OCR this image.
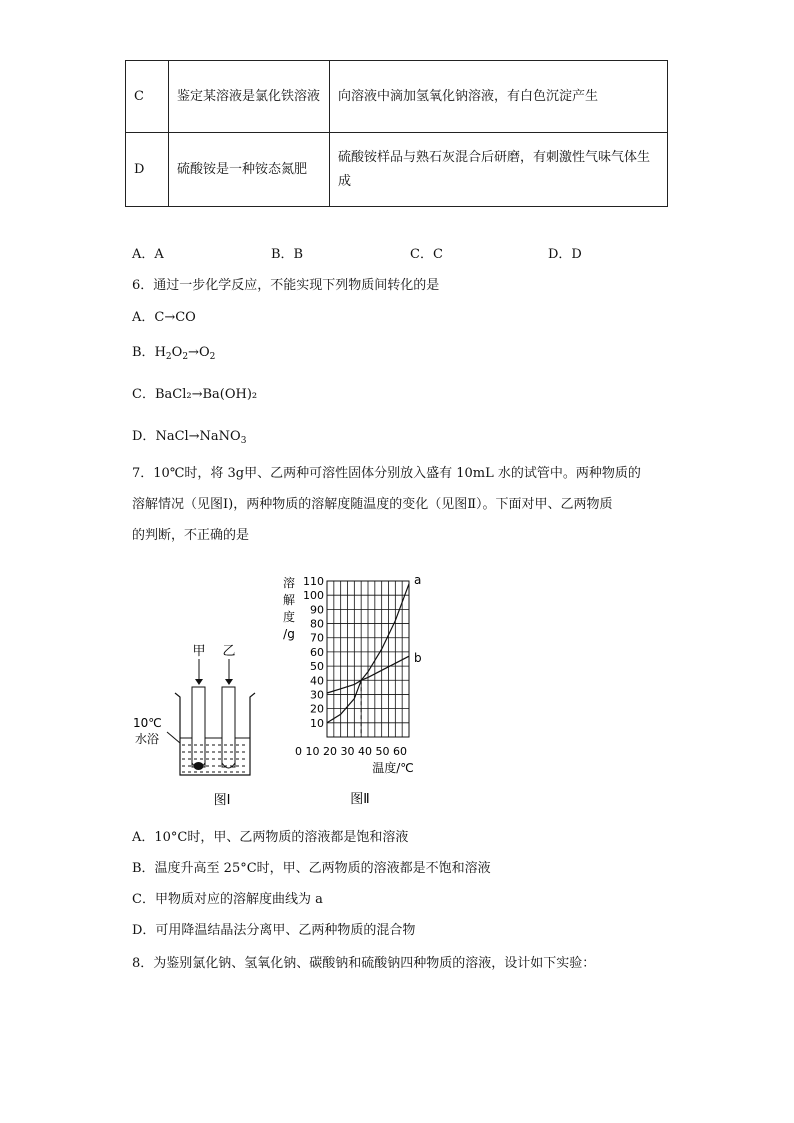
C	鉴定某溶液是氯化铁溶液	向溶液中滴加氢氧化钠溶液，有白色沉淀产生
D	硫酸铵是一种铵态氮肥	硫酸铵样品与熟石灰混合后研磨，有刺激性气味气体生成
A．A	B．B	C．C	D．D
6．通过一步化学反应，不能实现下列物质间转化的是
A．C→CO
B．$H_2O_2\to O_2$
C．BaCl₂→Ba(OH)₂
D．NaCl→NaNO$_3$
7．10℃时，将 3g甲、乙两种可溶性固体分别放入盛有 10mL 水的试管中。两种物质的
溶解情况（见图Ⅰ)，两种物质的溶解度随温度的变化（见图Ⅱ）。下面对甲、乙两物质
的判断，不正确的是
甲 乙
10℃
水浴
图Ⅰ
10
20
30
40
50
60
70
80
90
100
110	a
b
溶
解
度
/g
0 10 20 30 40 50 60
温度/℃
图Ⅱ
A．10°C时，甲、乙两物质的溶液都是饱和溶液
B．温度升高至 25°C时，甲、乙两物质的溶液都是不饱和溶液
C．甲物质对应的溶解度曲线为 a
D．可用降温结晶法分离甲、乙两种物质的混合物
8．为鉴别氯化钠、氢氧化钠、碳酸钠和硫酸钠四种物质的溶液，设计如下实验：
